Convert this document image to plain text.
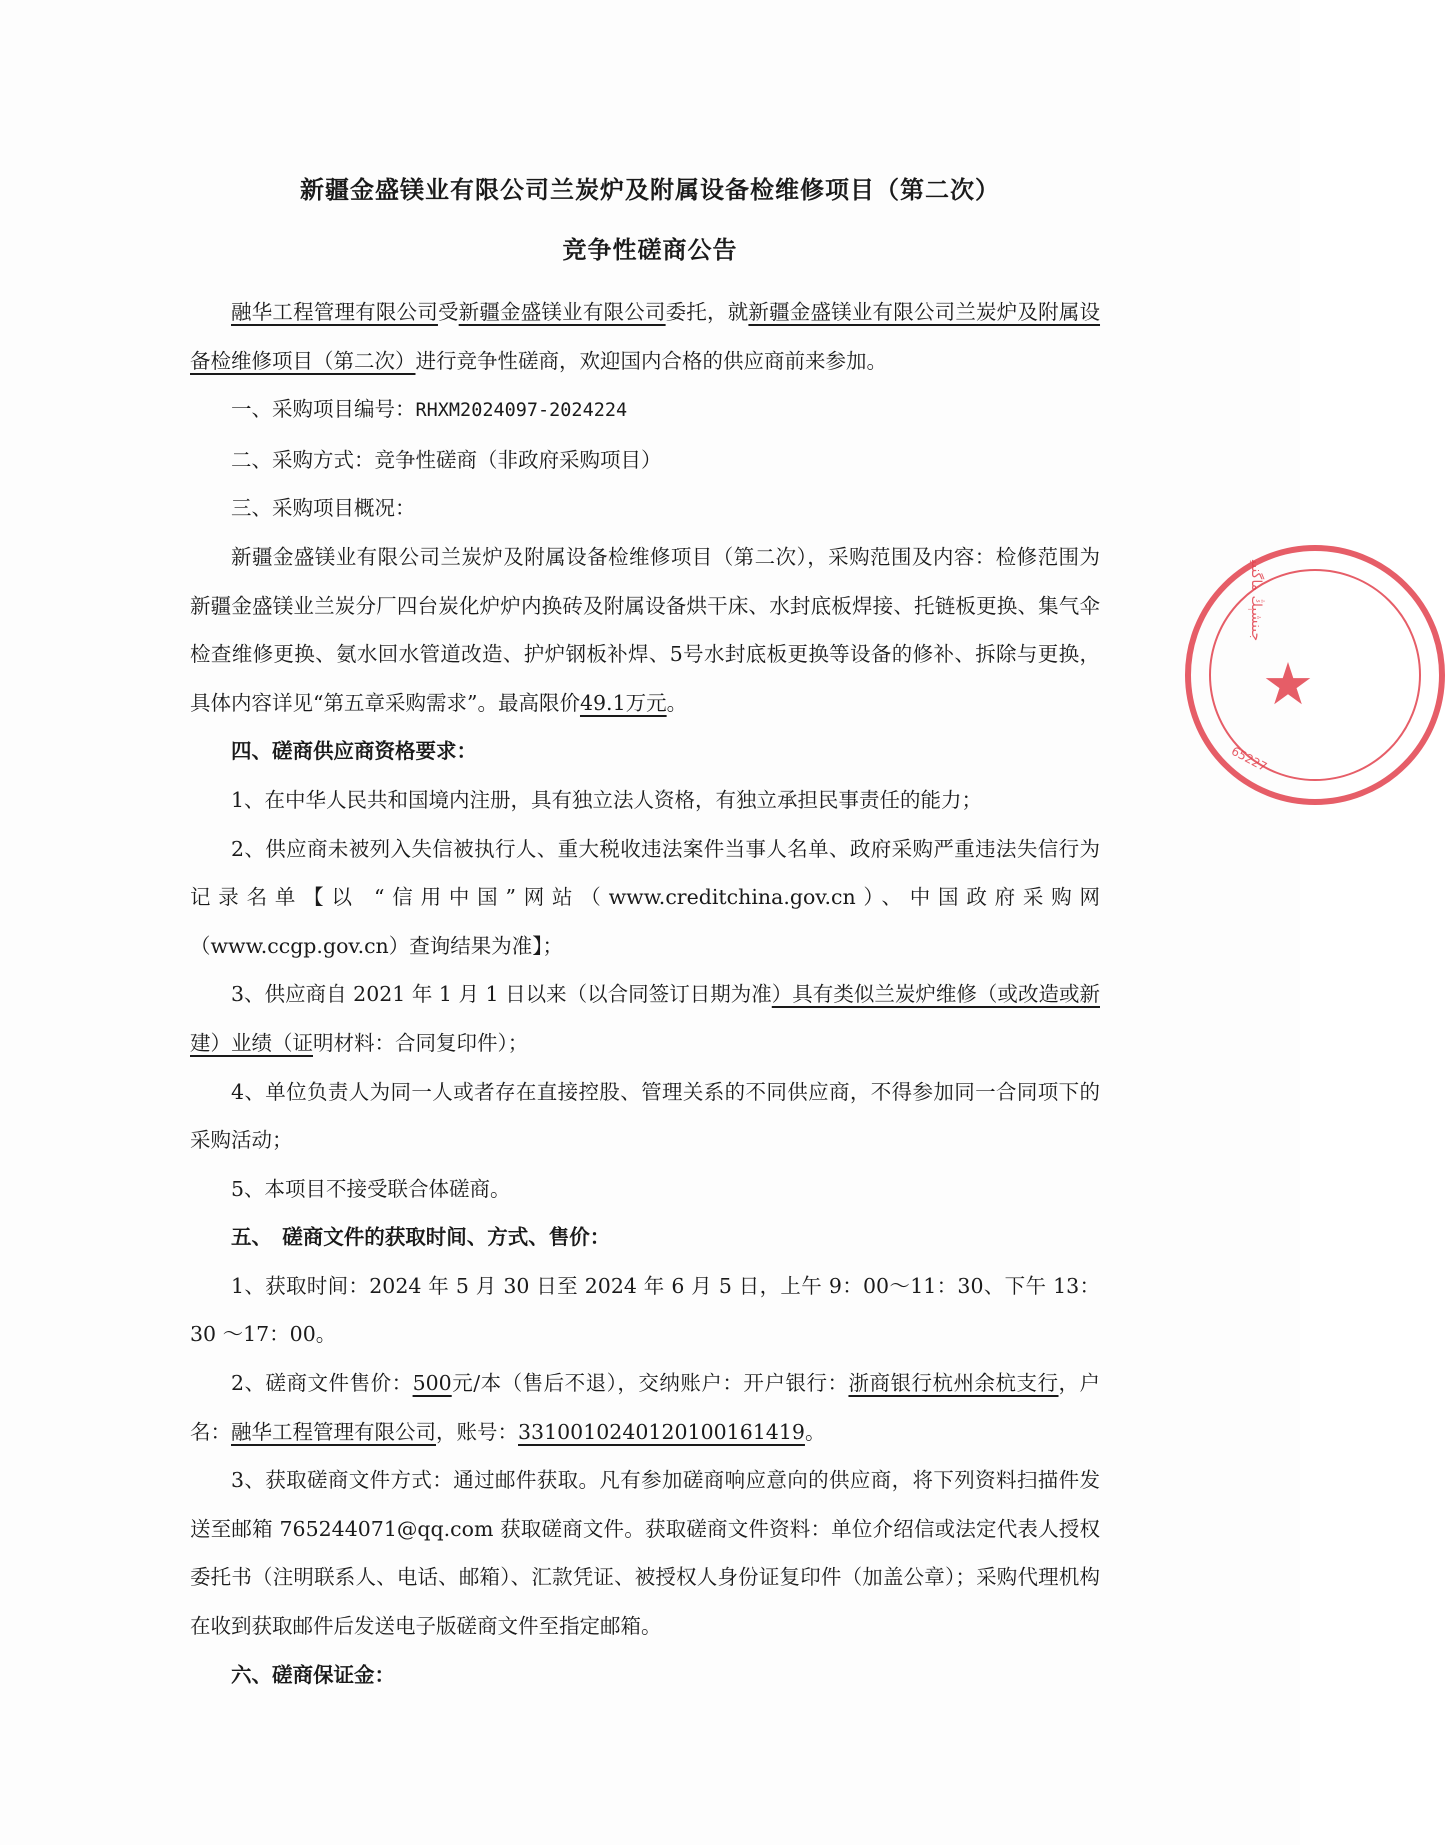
新疆金盛镁业有限公司兰炭炉及附属设备检维修项目（第二次）
竞争性磋商公告

融华工程管理有限公司受新疆金盛镁业有限公司委托，就新疆金盛镁业有限公司兰炭炉及附属设备检维修项目（第二次）进行竞争性磋商，欢迎国内合格的供应商前来参加。

一、采购项目编号：RHXM2024097-2024224

二、采购方式：竞争性磋商（非政府采购项目）

三、采购项目概况：

新疆金盛镁业有限公司兰炭炉及附属设备检维修项目（第二次），采购范围及内容：检修范围为新疆金盛镁业兰炭分厂四台炭化炉炉内换砖及附属设备烘干床、水封底板焊接、托链板更换、集气伞检查维修更换、氨水回水管道改造、护炉钢板补焊、5号水封底板更换等设备的修补、拆除与更换，具体内容详见“第五章采购需求”。最高限价49.1万元。

四、磋商供应商资格要求：

1、在中华人民共和国境内注册，具有独立法人资格，有独立承担民事责任的能力；

2、供应商未被列入失信被执行人、重大税收违法案件当事人名单、政府采购严重违法失信行为记录名单【以 “信用中国”网站（www.creditchina.gov.cn）、中国政府采购网（www.ccgp.gov.cn）查询结果为准】；

3、供应商自 2021 年 1 月 1 日以来（以合同签订日期为准）具有类似兰炭炉维修（或改造或新建）业绩（证明材料：合同复印件）；

4、单位负责人为同一人或者存在直接控股、管理关系的不同供应商，不得参加同一合同项下的采购活动；

5、本项目不接受联合体磋商。

五、　磋商文件的获取时间、方式、售价：

1、获取时间：2024 年 5 月 30 日至 2024 年 6 月 5 日，上午 9：00～11：30、下午 13：30 ～17：00。

2、磋商文件售价：500元/本（售后不退），交纳账户：开户银行：浙商银行杭州余杭支行，户名：融华工程管理有限公司，账号：33100102401201001614​19。

3、获取磋商文件方式：通过邮件获取。凡有参加磋商响应意向的供应商，将下列资料扫描件发送至邮箱 765244071@qq.com 获取磋商文件。获取磋商文件资料：单位介绍信或法定代表人授权委托书（注明联系人、电话、邮箱）、汇款凭证、被授权人身份证复印件（加盖公章）；采购代理机构在收到获取邮件后发送电子版磋商文件至指定邮箱。

六、磋商保证金：

ﺟﯩﻨﺸﯧﯔ ﻣﺎﮔﻨﯩﻴ
★
65227
